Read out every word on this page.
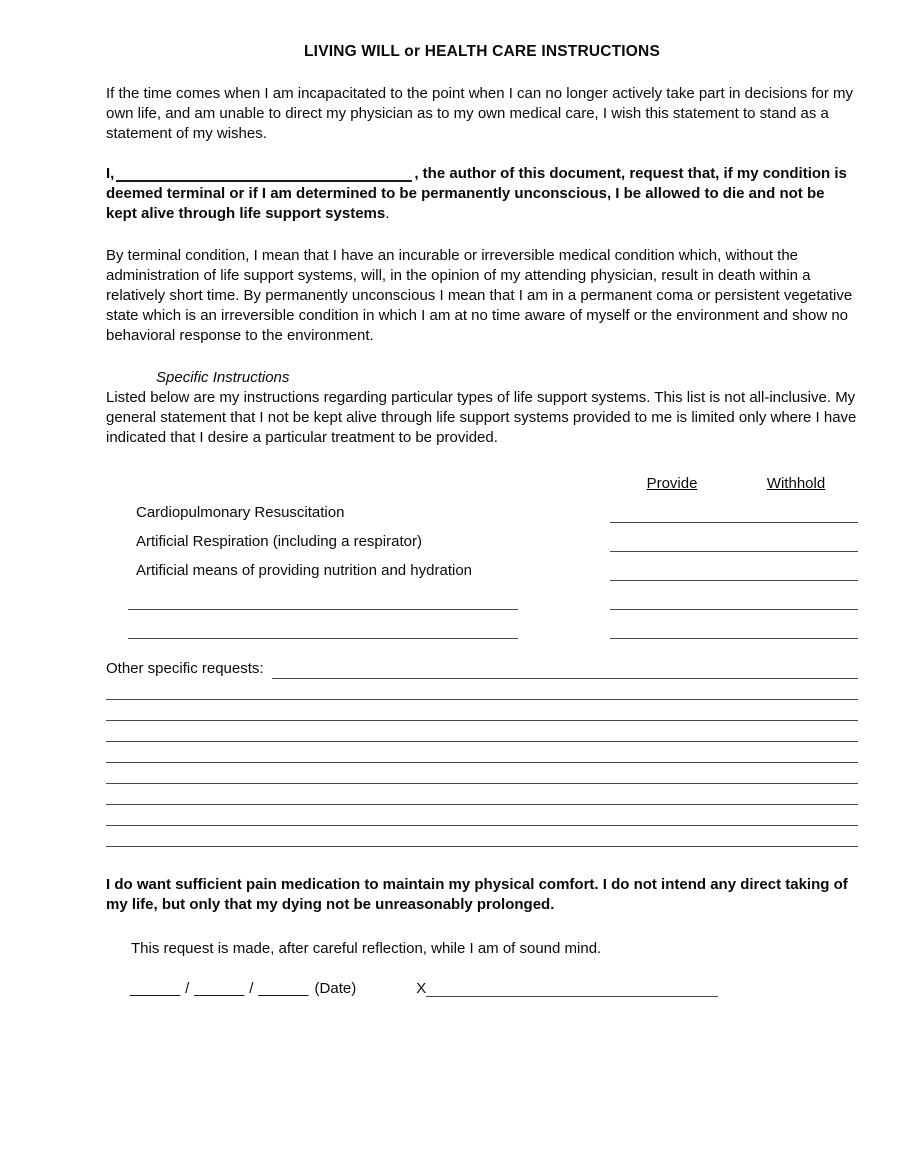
LIVING WILL or HEALTH CARE INSTRUCTIONS

If the time comes when I am incapacitated to the point when I can no longer actively take part in decisions for my own life, and am unable to direct my physician as to my own medical care, I wish this statement to stand as a statement of my wishes.

I,	, the author of this document, request that, if my condition is deemed terminal or if I am determined to be permanently unconscious, I be allowed to die and not be kept alive through life support systems.

By terminal condition, I mean that I have an incurable or irreversible medical condition which, without the administration of life support systems, will, in the opinion of my attending physician, result in death within a relatively short time. By permanently unconscious I mean that I am in a permanent coma or persistent vegetative state which is an irreversible condition in which I am at no time aware of myself or the environment and show no behavioral response to the environment.

Specific Instructions
Listed below are my instructions regarding particular types of life support systems. This list is not all-inclusive. My general statement that I not be kept alive through life support systems provided to me is limited only where I have indicated that I desire a particular treatment to be provided.
Provide	Withhold
Cardiopulmonary Resuscitation
Artificial Respiration (including a respirator)
Artificial means of providing nutrition and hydration
Other specific requests:

I do want sufficient pain medication to maintain my physical comfort. I do not intend any direct taking of my life, but only that my dying not be unreasonably prolonged.

This request is made, after careful reflection, while I am of sound mind.

______ / ______ / ______ (Date)	X
